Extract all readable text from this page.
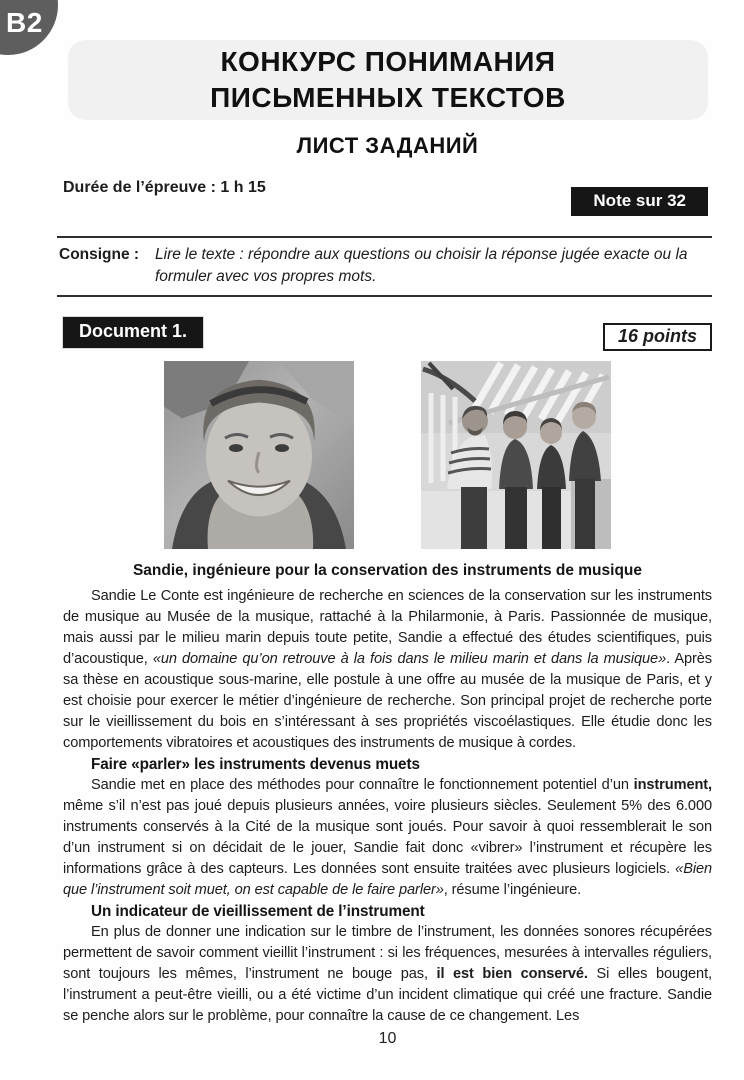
B2
КОНКУРС ПОНИМАНИЯ
ПИСЬМЕННЫХ ТЕКСТОВ
ЛИСТ ЗАДАНИЙ
Durée de l’épreuve : 1 h 15
Note sur 32
Consigne :	Lire le texte : répondre aux questions ou choisir la réponse jugée exacte ou la formuler avec vos propres mots.
Document 1.	16 points
Sandie, ingénieure pour la conservation des instruments de musique

Sandie Le Conte est ingénieure de recherche en sciences de la conservation sur les instruments de musique au Musée de la musique, rattaché à la Philarmonie, à Paris. Passionnée de musique, mais aussi par le milieu marin depuis toute petite, Sandie a effectué des études scientifiques, puis d’acoustique, «un domaine qu’on retrouve à la fois dans le milieu marin et dans la musique». Après sa thèse en acoustique sous-marine, elle postule à une offre au musée de la musique de Paris, et y est choisie pour exercer le métier d’ingénieure de recherche. Son principal projet de recherche porte sur le vieillissement du bois en s’intéressant à ses propriétés viscoélastiques. Elle étudie donc les comportements vibratoires et acoustiques des instruments de musique à cordes.

Faire «parler» les instruments devenus muets

Sandie met en place des méthodes pour connaître le fonctionnement potentiel d’un instrument, même s’il n’est pas joué depuis plusieurs années, voire plusieurs siècles. Seulement 5% des 6.000 instruments conservés à la Cité de la musique sont joués. Pour savoir à quoi ressemblerait le son d’un instrument si on décidait de le jouer, Sandie fait donc «vibrer» l’instrument et récupère les informations grâce à des capteurs. Les données sont ensuite traitées avec plusieurs logiciels. «Bien que l’instrument soit muet, on est capable de le faire parler», résume l’ingénieure.

Un indicateur de vieillissement de l’instrument

En plus de donner une indication sur le timbre de l’instrument, les données sonores récupérées permettent de savoir comment vieillit l’instrument : si les fréquences, mesurées à intervalles réguliers, sont toujours les mêmes, l’instrument ne bouge pas, il est bien conservé. Si elles bougent, l’instrument a peut-être vieilli, ou a été victime d’un incident climatique qui créé une fracture. Sandie se penche alors sur le problème, pour connaître la cause de ce changement. Les

10
